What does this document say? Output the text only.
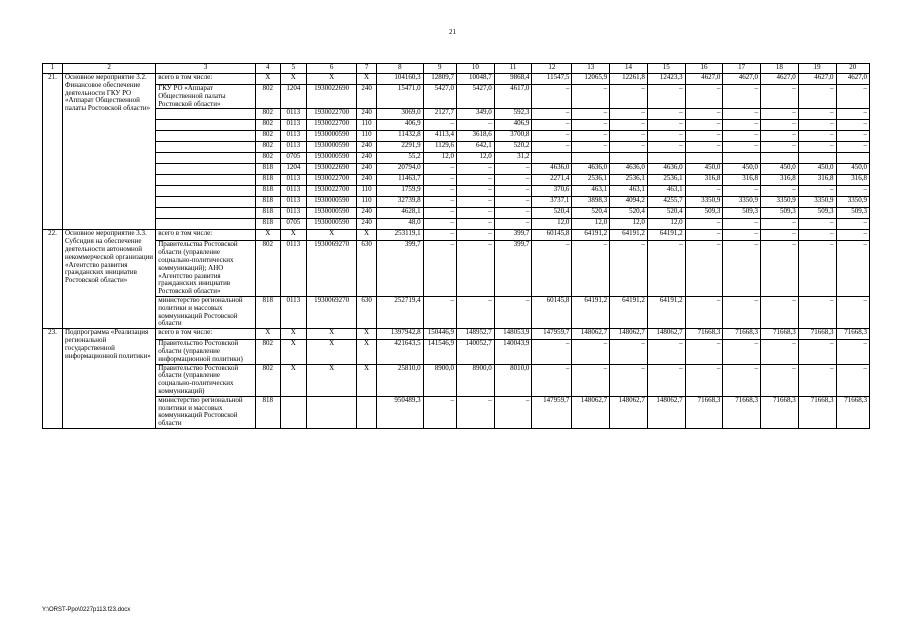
21
1	2	3	4	5	6	7	8	9	10	11	12	13	14	15	16	17	18	19	20
21.	Основное мероприятие 3.2. Финансовое обеспечение деятельности ГКУ РО «Аппарат Общественной палаты Ростовской области»	всего в том числе:	X	X	X	X	104160,3	12809,7	10048,7	9868,4	11547,5	12065,9	12261,8	12423,3	4627,0	4627,0	4627,0	4627,0	4627,0
		ГКУ РО «Аппарат Общественной палаты Ростовской области»	802	1204	1930022690	240	15471,0	5427,0	5427,0	4617,0	–	–	–	–	–	–	–	–	–
			802	0113	1930022700	240	3069,0	2127,7	349,0	592,3	–	–	–	–	–	–	–	–	–
			802	0113	1930022700	110	406,9	–	–	406,9	–	–	–	–	–	–	–	–	–
			802	0113	1930000590	110	11432,8	4113,4	3618,6	3700,8	–	–	–	–	–	–	–	–	–
			802	0113	1930000590	240	2291,9	1129,6	642,1	520,2	–	–	–	–	–	–	–	–	–
			802	0705	1930000590	240	55,2	12,0	12,0	31,2									
			818	1204	1930022690	240	20794,0	–	–	–	4636,0	4636,0	4636,0	4636,0	450,0	450,0	450,0	450,0	450,0
			818	0113	1930022700	240	11463,7	–	–	–	2271,4	2536,1	2536,1	2536,1	316,8	316,8	316,8	316,8	316,8
			818	0113	1930022700	110	1759,9	–	–	–	370,6	463,1	463,1	463,1	–	–	–	–	–
			818	0113	1930000590	110	32739,8	–	–	–	3737,1	3898,3	4094,2	4255,7	3350,9	3350,9	3350,9	3350,9	3350,9
			818	0113	1930000590	240	4628,1	–	–	–	520,4	520,4	520,4	520,4	509,3	509,3	509,3	509,3	509,3
			818	0705	1930000590	240	48,0	–	–	–	12,0	12,0	12,0	12,0	–	–	–	–	–
22.	Основное мероприятие 3.3. Субсидия на обеспечение деятельности автономной некоммерческой организации «Агентство развития гражданских инициатив Ростовской области»	всего в том числе:	X	X	X	X	253119,1	–	–	399,7	60145,8	64191,2	64191,2	64191,2	–	–	–	–	–
		Правительства Ростовской области (управление социально-политических коммуникаций); АНО «Агентство развития гражданских инициатив Ростовской области»	802	0113	1930069270	630	399,7	–	–	399,7	–	–	–	–	–	–	–	–	–
		министерство региональной политики и массовых коммуникаций Ростовской области	818	0113	1930069270	630	252719,4	–	–	–	60145,8	64191,2	64191,2	64191,2	–	–	–	–	–
23.	Подпрограмма «Реализация региональной государственной информационной политики»	всего в том числе:	X	X	X	X	1397942,8	150446,9	148952,7	148053,9	147959,7	148062,7	148062,7	148062,7	71668,3	71668,3	71668,3	71668,3	71668,3
		Правительство Ростовской области (управление информационной политики)	802	X	X	X	421643,5	141546,9	140052,7	140043,9	–	–	–	–	–	–	–	–	–
		Правительство Ростовской области (управление социально-политических коммуникаций)	802	X	X	X	25810,0	8900,0	8900,0	8010,0	–	–	–	–	–	–	–	–	–
		министерство региональной политики и массовых коммуникаций Ростовской области	818				950489,3	–	–	–	147959,7	148062,7	148062,7	148062,7	71668,3	71668,3	71668,3	71668,3	71668,3
Y:\ORST-Ppo\0227p113.f23.docx
